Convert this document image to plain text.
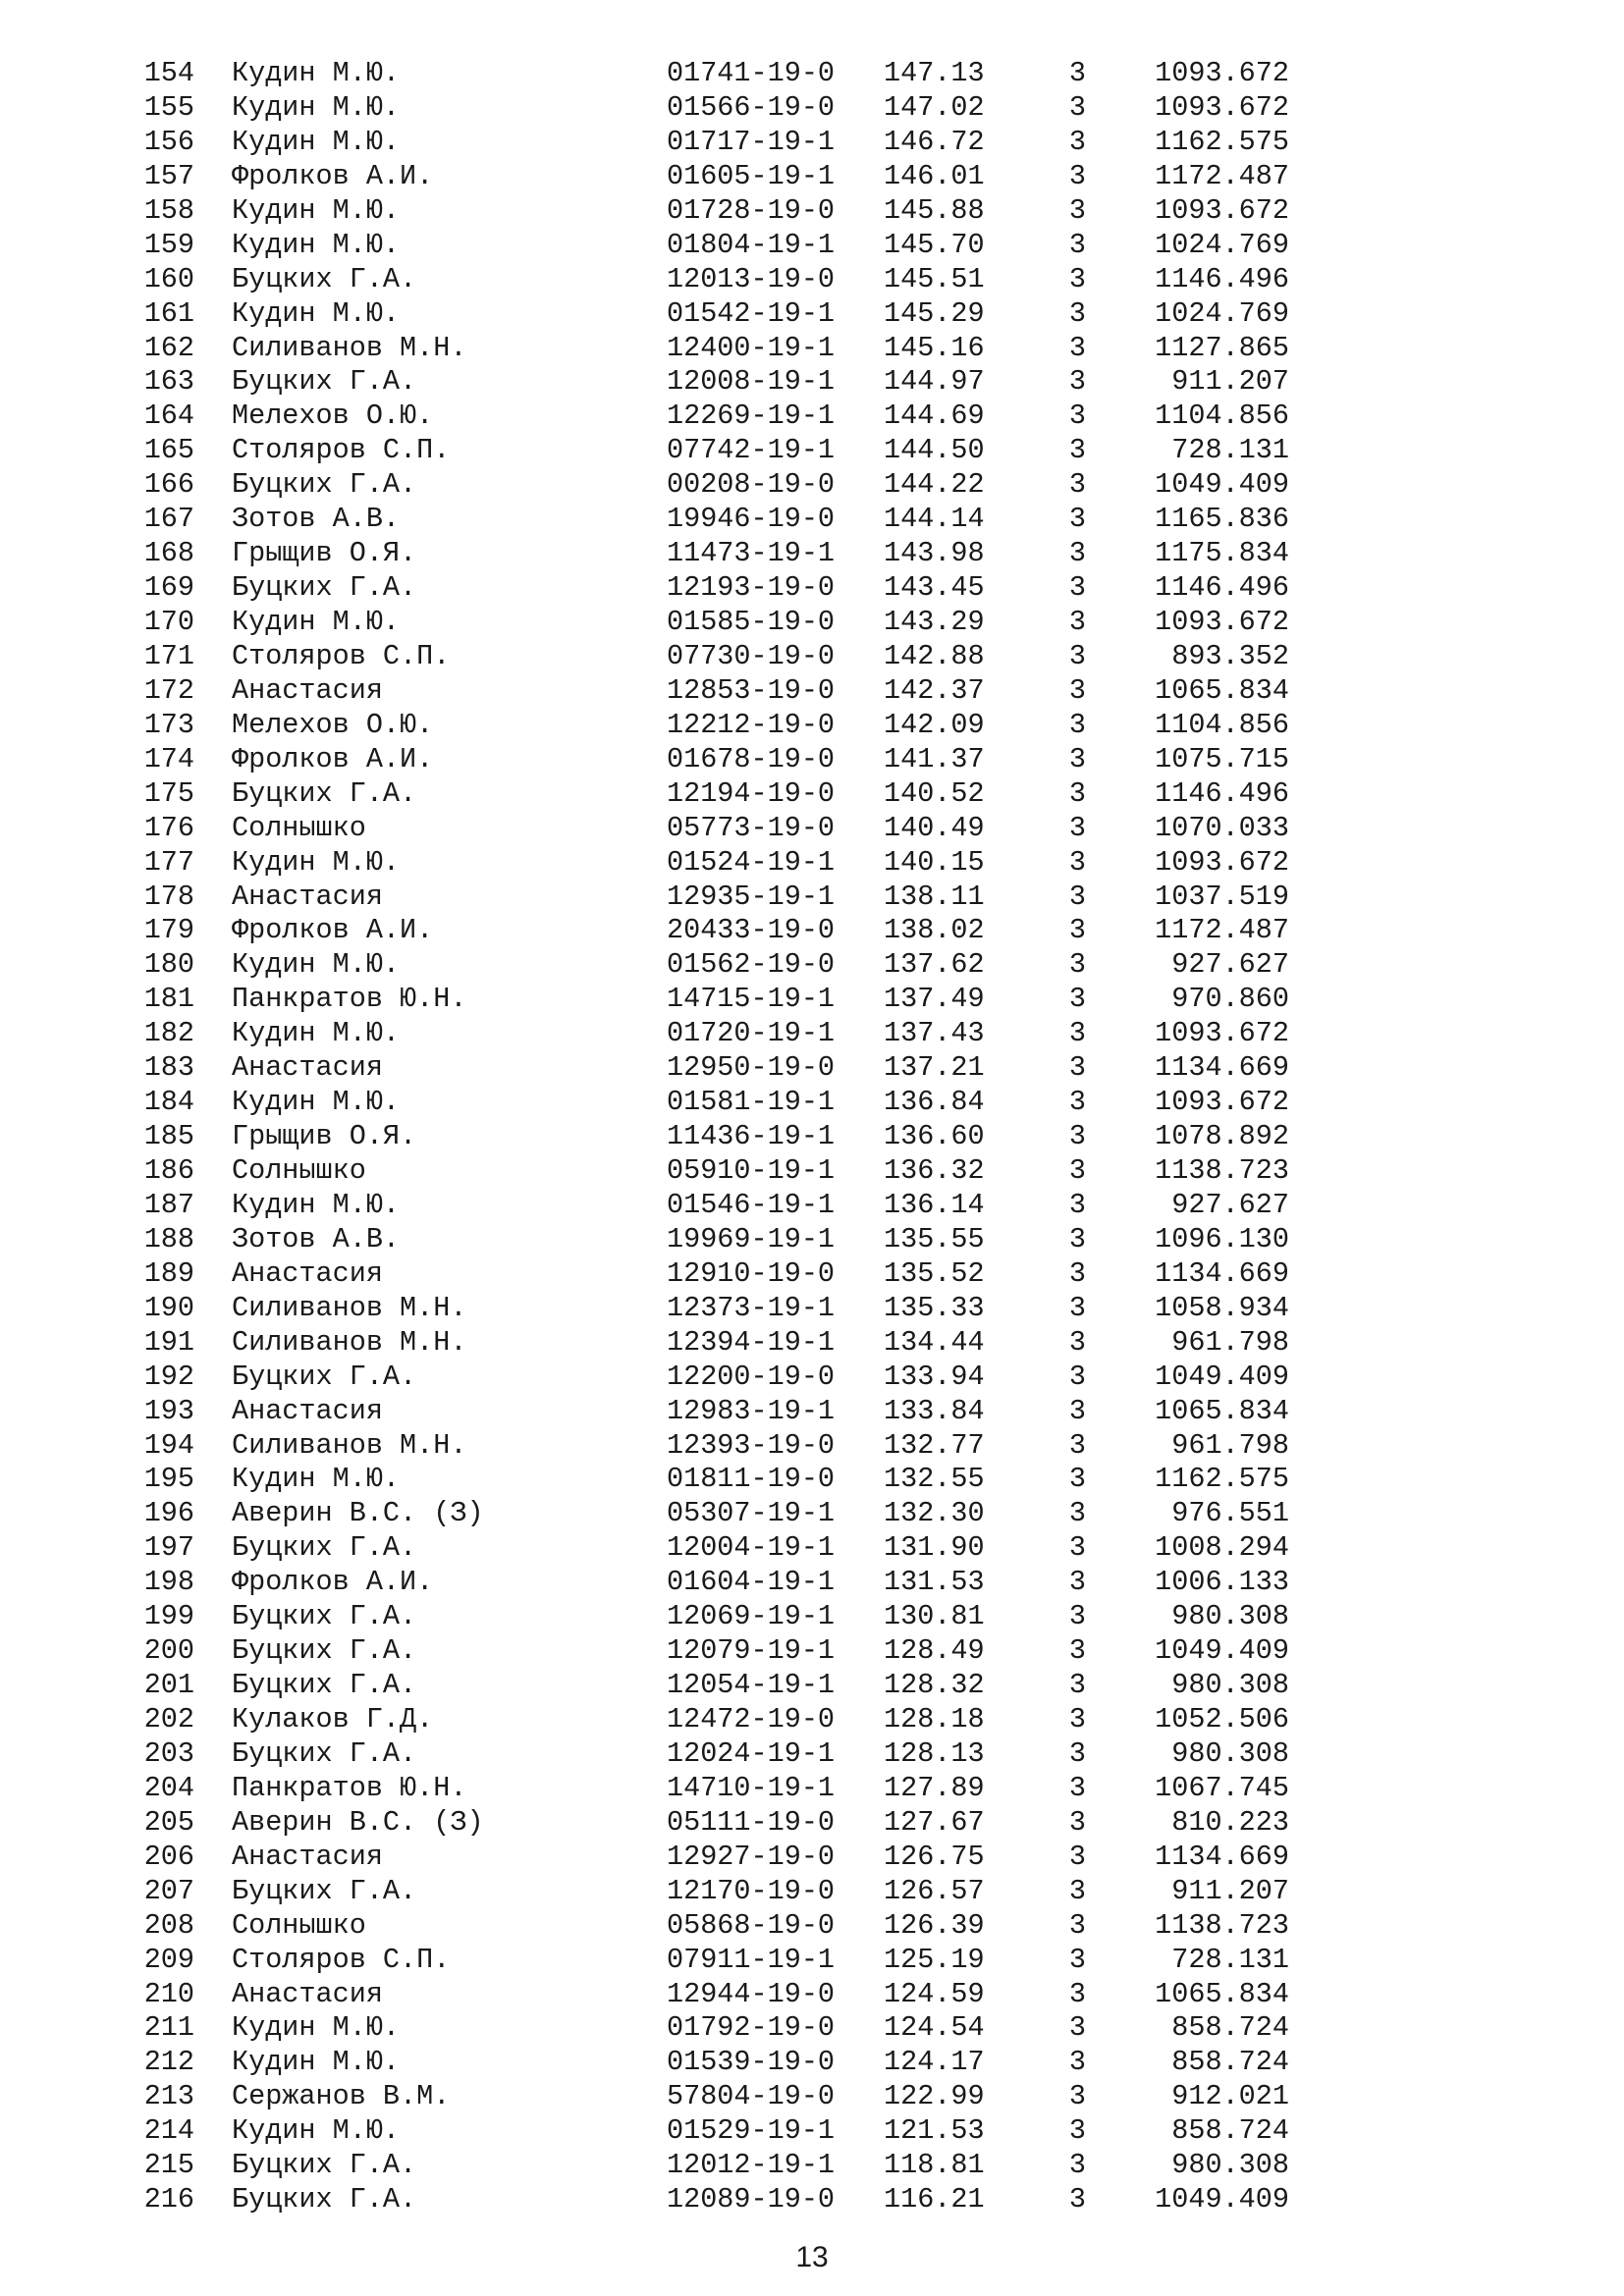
154 Кудин М.Ю.	01741-19-0 147.13	3	1093.672
155 Кудин М.Ю.	01566-19-0 147.02	3	1093.672
156 Кудин М.Ю.	01717-19-1 146.72	3	1162.575
157 Фролков А.И.	01605-19-1 146.01	3	1172.487
158 Кудин М.Ю.	01728-19-0 145.88	3	1093.672
159 Кудин М.Ю.	01804-19-1 145.70	3	1024.769
160 Буцких Г.А.	12013-19-0 145.51	3	1146.496
161 Кудин М.Ю.	01542-19-1 145.29	3	1024.769
162 Силиванов М.Н.	12400-19-1 145.16	3	1127.865
163 Буцких Г.А.	12008-19-1 144.97	3	911.207
164 Мелехов О.Ю.	12269-19-1 144.69	3	1104.856
165 Столяров С.П.	07742-19-1 144.50	3	728.131
166 Буцких Г.А.	00208-19-0 144.22	3	1049.409
167 Зотов А.В.	19946-19-0 144.14	3	1165.836
168 Грыщив О.Я.	11473-19-1 143.98	3	1175.834
169 Буцких Г.А.	12193-19-0 143.45	3	1146.496
170 Кудин М.Ю.	01585-19-0 143.29	3	1093.672
171 Столяров С.П.	07730-19-0 142.88	3	893.352
172 Анастасия	12853-19-0 142.37	3	1065.834
173 Мелехов О.Ю.	12212-19-0 142.09	3	1104.856
174 Фролков А.И.	01678-19-0 141.37	3	1075.715
175 Буцких Г.А.	12194-19-0 140.52	3	1146.496
176 Солнышко	05773-19-0 140.49	3	1070.033
177 Кудин М.Ю.	01524-19-1 140.15	3	1093.672
178 Анастасия	12935-19-1 138.11	3	1037.519
179 Фролков А.И.	20433-19-0 138.02	3	1172.487
180 Кудин М.Ю.	01562-19-0 137.62	3	927.627
181 Панкратов Ю.Н.	14715-19-1 137.49	3	970.860
182 Кудин М.Ю.	01720-19-1 137.43	3	1093.672
183 Анастасия	12950-19-0 137.21	3	1134.669
184 Кудин М.Ю.	01581-19-1 136.84	3	1093.672
185 Грыщив О.Я.	11436-19-1 136.60	3	1078.892
186 Солнышко	05910-19-1 136.32	3	1138.723
187 Кудин М.Ю.	01546-19-1 136.14	3	927.627
188 Зотов А.В.	19969-19-1 135.55	3	1096.130
189 Анастасия	12910-19-0 135.52	3	1134.669
190 Силиванов М.Н.	12373-19-1 135.33	3	1058.934
191 Силиванов М.Н.	12394-19-1 134.44	3	961.798
192 Буцких Г.А.	12200-19-0 133.94	3	1049.409
193 Анастасия	12983-19-1 133.84	3	1065.834
194 Силиванов М.Н.	12393-19-0 132.77	3	961.798
195 Кудин М.Ю.	01811-19-0 132.55	3	1162.575
196 Аверин В.С. (З)	05307-19-1 132.30	3	976.551
197 Буцких Г.А.	12004-19-1 131.90	3	1008.294
198 Фролков А.И.	01604-19-1 131.53	3	1006.133
199 Буцких Г.А.	12069-19-1 130.81	3	980.308
200 Буцких Г.А.	12079-19-1 128.49	3	1049.409
201 Буцких Г.А.	12054-19-1 128.32	3	980.308
202 Кулаков Г.Д.	12472-19-0 128.18	3	1052.506
203 Буцких Г.А.	12024-19-1 128.13	3	980.308
204 Панкратов Ю.Н.	14710-19-1 127.89	3	1067.745
205 Аверин В.С. (З)	05111-19-0 127.67	3	810.223
206 Анастасия	12927-19-0 126.75	3	1134.669
207 Буцких Г.А.	12170-19-0 126.57	3	911.207
208 Солнышко	05868-19-0 126.39	3	1138.723
209 Столяров С.П.	07911-19-1 125.19	3	728.131
210 Анастасия	12944-19-0 124.59	3	1065.834
211 Кудин М.Ю.	01792-19-0 124.54	3	858.724
212 Кудин М.Ю.	01539-19-0 124.17	3	858.724
213 Сержанов В.М.	57804-19-0 122.99	3	912.021
214 Кудин М.Ю.	01529-19-1 121.53	3	858.724
215 Буцких Г.А.	12012-19-1 118.81	3	980.308
216 Буцких Г.А.	12089-19-0 116.21	3	1049.409
13
